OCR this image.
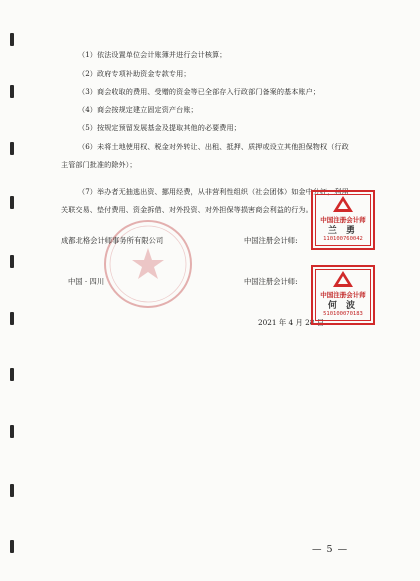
（1）依法设置单位会计账簿并进行会计核算；
（2）政府专项补助资金专款专用；
（3）商会收取的费用、受赠的资金等已全部存入行政部门备案的基本账户；
（4）商会按规定建立固定资产台账；
（5）按规定预留发展基金及提取其他的必要费用；
（6）未将土地使用权、税金对外转让、出租、抵押、质押或设立其他担保物权（行政
主管部门批准的除外）；
（7）举办者无抽逃出资、挪用经费，从非营利性组织（社会团体）如金中分红，利用
关联交易、垫付费用、资金拆借、对外投资、对外担保等损害商会利益的行为。
成都北格会计师事务所有限公司
中国 · 四川
中国注册会计师:
中国注册会计师:
2021 年 4 月 28 日
中国注册会计师
兰 勇
110100760042
中国注册会计师
何 波
510100070183
— 5 —
